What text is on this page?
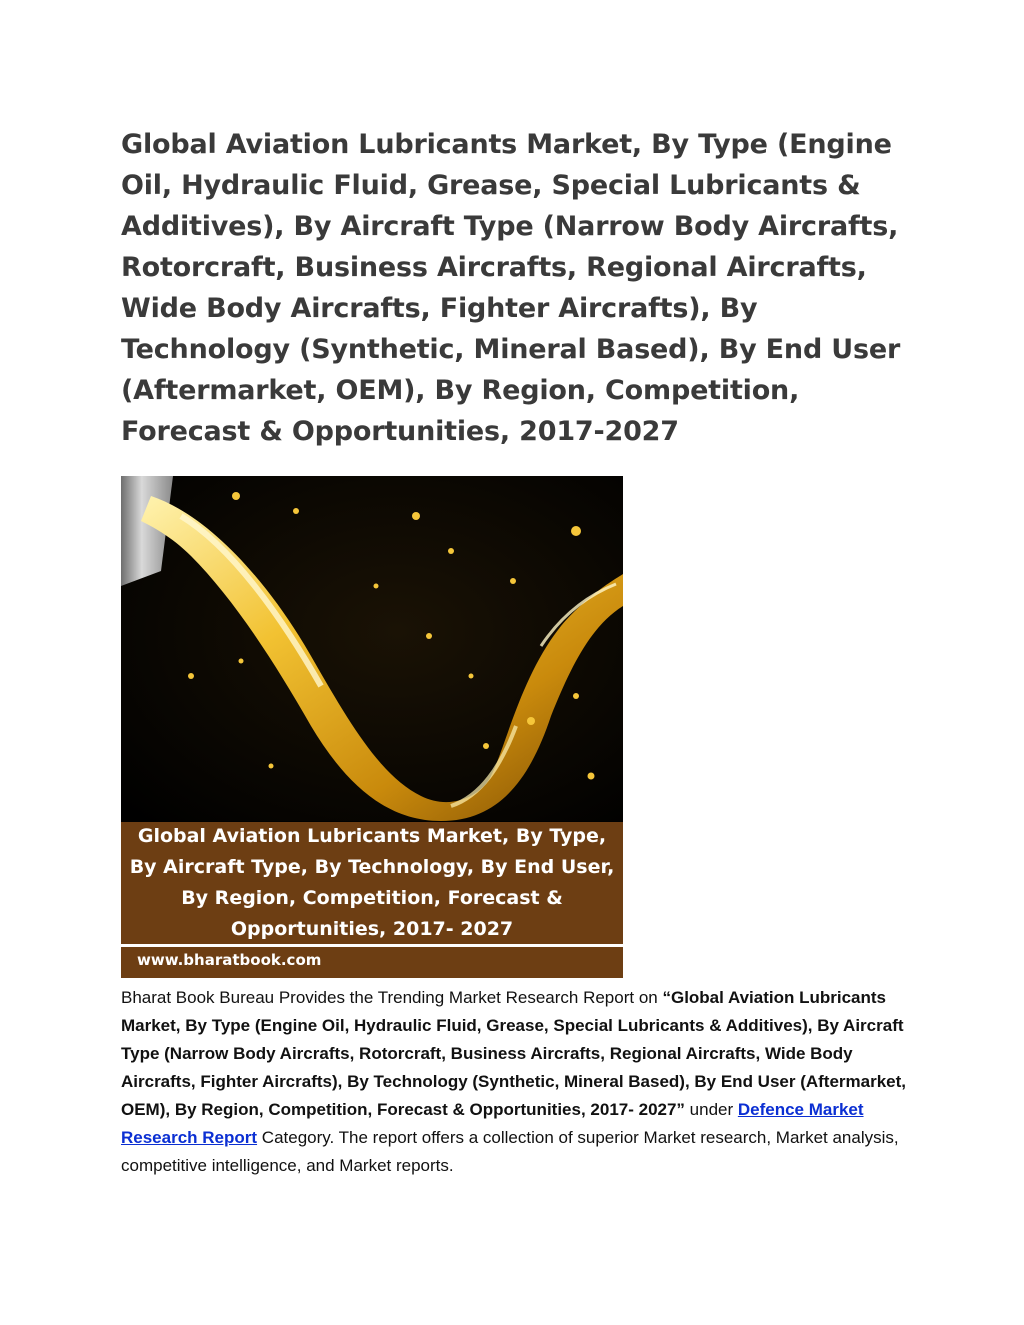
Global Aviation Lubricants Market, By Type (Engine Oil, Hydraulic Fluid, Grease, Special Lubricants & Additives), By Aircraft Type (Narrow Body Aircrafts, Rotorcraft, Business Aircrafts, Regional Aircrafts, Wide Body Aircrafts, Fighter Aircrafts), By Technology (Synthetic, Mineral Based), By End User (Aftermarket, OEM), By Region, Competition, Forecast & Opportunities, 2017-2027
Global Aviation Lubricants Market, By Type, By Aircraft Type, By Technology, By End User, By Region, Competition, Forecast & Opportunities, 2017- 2027
www.bharatbook.com

Bharat Book Bureau Provides the Trending Market Research Report on “Global Aviation Lubricants Market, By Type (Engine Oil, Hydraulic Fluid, Grease, Special Lubricants & Additives), By Aircraft Type (Narrow Body Aircrafts, Rotorcraft, Business Aircrafts, Regional Aircrafts, Wide Body Aircrafts, Fighter Aircrafts), By Technology (Synthetic, Mineral Based), By End User (Aftermarket, OEM), By Region, Competition, Forecast & Opportunities, 2017- 2027” under Defence Market Research Report Category. The report offers a collection of superior Market research, Market analysis, competitive intelligence, and Market reports.
